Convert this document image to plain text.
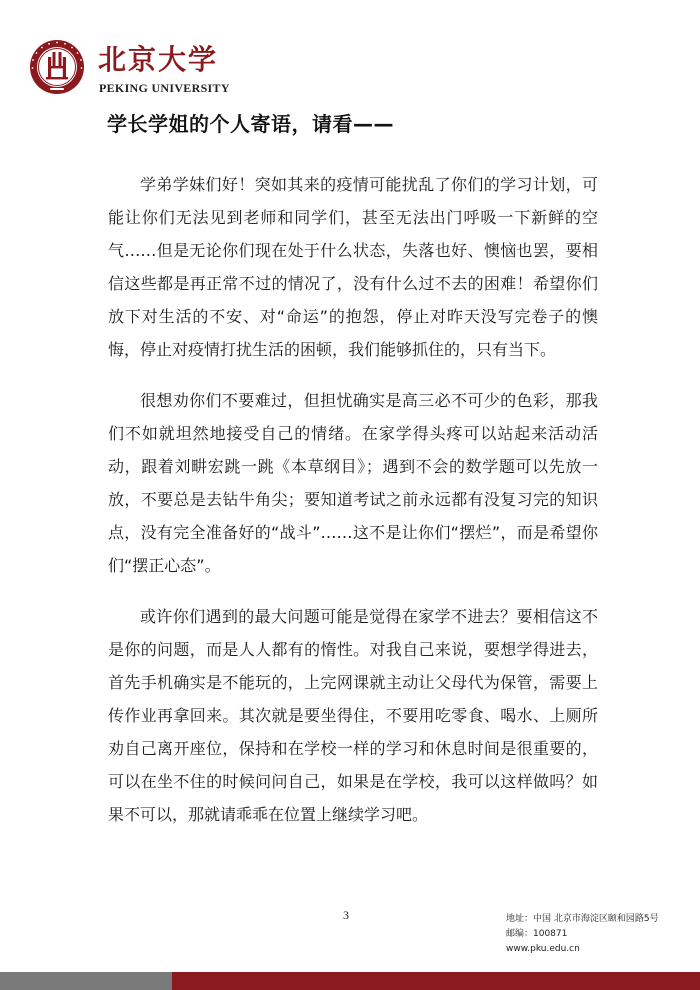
北京大学
PEKING UNIVERSITY
学长学姐的个人寄语，请看——

学弟学妹们好！突如其来的疫情可能扰乱了你们的学习计划，可能让你们无法见到老师和同学们，甚至无法出门呼吸一下新鲜的空气……但是无论你们现在处于什么状态，失落也好、懊恼也罢，要相信这些都是再正常不过的情况了，没有什么过不去的困难！希望你们放下对生活的不安、对“命运”的抱怨，停止对昨天没写完卷子的懊悔，停止对疫情打扰生活的困顿，我们能够抓住的，只有当下。

很想劝你们不要难过，但担忧确实是高三必不可少的色彩，那我们不如就坦然地接受自己的情绪。在家学得头疼可以站起来活动活动，跟着刘畊宏跳一跳《本草纲目》；遇到不会的数学题可以先放一放，不要总是去钻牛角尖；要知道考试之前永远都有没复习完的知识点，没有完全准备好的“战斗”……这不是让你们“摆烂”，而是希望你们“摆正心态”。

或许你们遇到的最大问题可能是觉得在家学不进去？要相信这不是你的问题，而是人人都有的惰性。对我自己来说，要想学得进去，首先手机确实是不能玩的，上完网课就主动让父母代为保管，需要上传作业再拿回来。其次就是要坐得住，不要用吃零食、喝水、上厕所劝自己离开座位，保持和在学校一样的学习和休息时间是很重要的，可以在坐不住的时候问问自己，如果是在学校，我可以这样做吗？如果不可以，那就请乖乖在位置上继续学习吧。

3	地址：中国 北京市海淀区颐和园路5号
邮编：100871
www.pku.edu.cn
